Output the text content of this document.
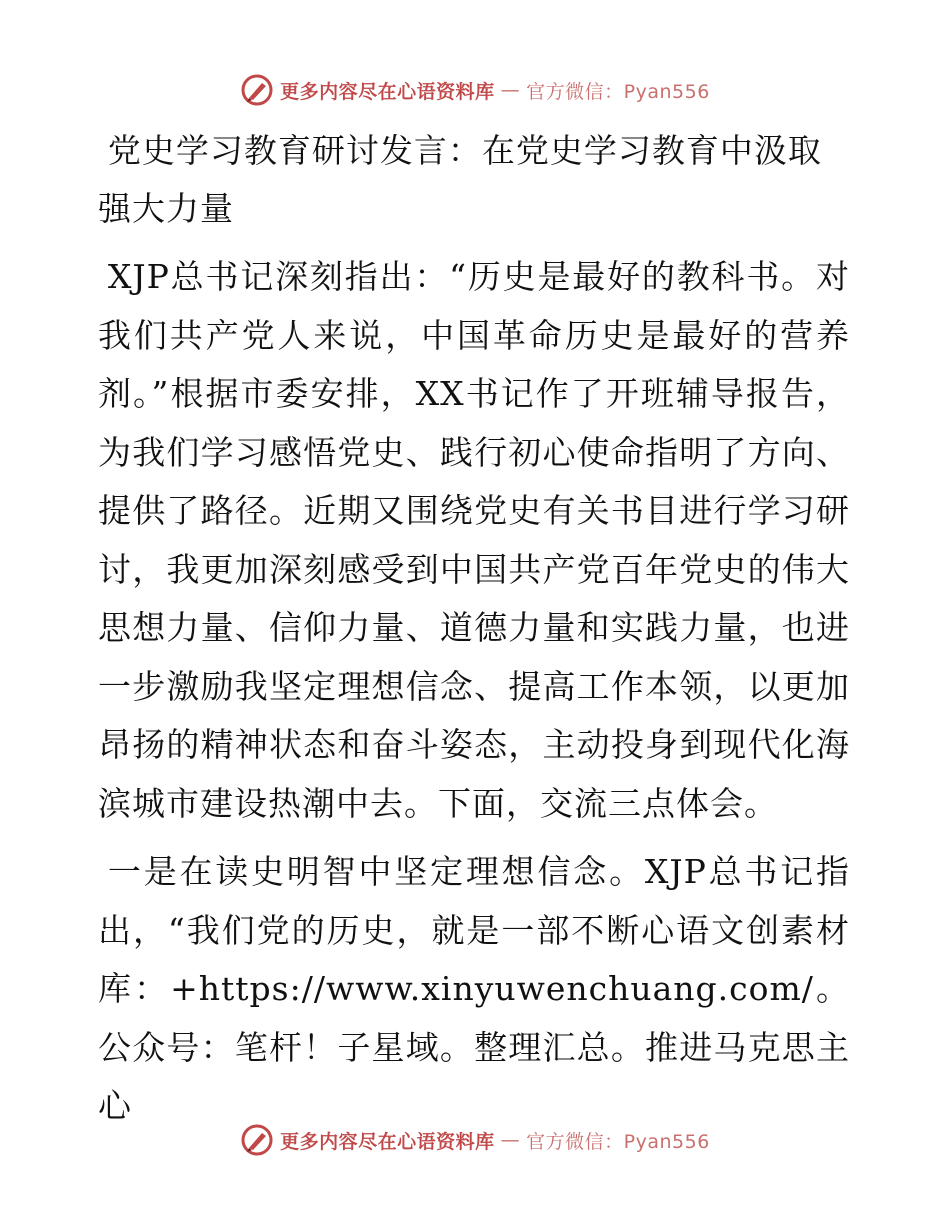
更多内容尽在心语资料库 — 官方微信：Pyan556
党史学习教育研讨发言：在党史学习教育中汲取强大力量

XJP总书记深刻指出：“历史是最好的教科书。对我们共产党人来说，中国革命历史是最好的营养剂。”根据市委安排，XX书记作了开班辅导报告，为我们学习感悟党史、践行初心使命指明了方向、提供了路径。近期又围绕党史有关书目进行学习研讨，我更加深刻感受到中国共产党百年党史的伟大思想力量、信仰力量、道德力量和实践力量，也进一步激励我坚定理想信念、提高工作本领，以更加昂扬的精神状态和奋斗姿态，主动投身到现代化海滨城市建设热潮中去。下面，交流三点体会。

一是在读史明智中坚定理想信念。XJP总书记指出，“我们党的历史，就是一部不断心语文创素材库：+https://www.xinyuwenchuang.com/。公众号：笔杆！子星域。整理汇总。推进马克思主心

更多内容尽在心语资料库 — 官方微信：Pyan556
